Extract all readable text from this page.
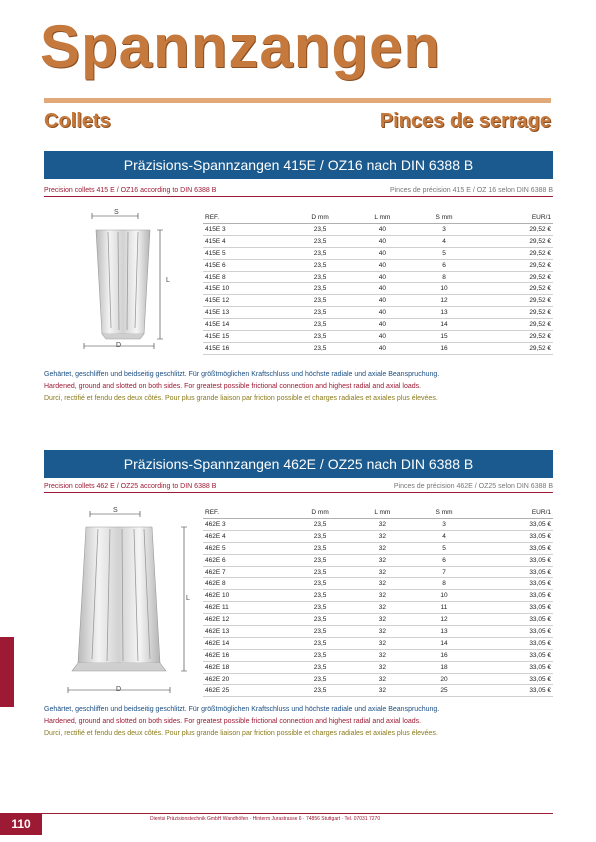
Spannzangen
Collets	Pinces de serrage
Präzisions-Spannzangen 415E / OZ16 nach DIN 6388 B
Precision collets 415 E / OZ16 according to DIN 6388 B	Pinces de précision 415 E / OZ 16 selon DIN 6388 B
S
L
D
REF.	D mm	L mm	S mm	EUR/1
415E 3	23,5	40	3	29,52 €
415E 4	23,5	40	4	29,52 €
415E 5	23,5	40	5	29,52 €
415E 6	23,5	40	6	29,52 €
415E 8	23,5	40	8	29,52 €
415E 10	23,5	40	10	29,52 €
415E 12	23,5	40	12	29,52 €
415E 13	23,5	40	13	29,52 €
415E 14	23,5	40	14	29,52 €
415E 15	23,5	40	15	29,52 €
415E 16	23,5	40	16	29,52 €
Gehärtet, geschliffen und beidseitig geschlitzt. Für größtmöglichen Kraftschluss und höchste radiale und axiale Beanspruchung.
Hardened, ground and slotted on both sides. For greatest possible frictional connection and highest radial and axial loads.
Durci, rectifié et fendu des deux côtés. Pour plus grande liaison par friction possible et charges radiales et axiales plus élevées.
Präzisions-Spannzangen 462E / OZ25 nach DIN 6388 B
Precision collets 462 E / OZ25 according to DIN 6388 B	Pinces de précision 462E / OZ25 selon DIN 6388 B
S
L
D
REF.	D mm	L mm	S mm	EUR/1
462E 3	23,5	32	3	33,05 €
462E 4	23,5	32	4	33,05 €
462E 5	23,5	32	5	33,05 €
462E 6	23,5	32	6	33,05 €
462E 7	23,5	32	7	33,05 €
462E 8	23,5	32	8	33,05 €
462E 10	23,5	32	10	33,05 €
462E 11	23,5	32	11	33,05 €
462E 12	23,5	32	12	33,05 €
462E 13	23,5	32	13	33,05 €
462E 14	23,5	32	14	33,05 €
462E 16	23,5	32	16	33,05 €
462E 18	23,5	32	18	33,05 €
462E 20	23,5	32	20	33,05 €
462E 25	23,5	32	25	33,05 €
Gehärtet, geschliffen und beidseitig geschlitzt. Für größtmöglichen Kraftschluss und höchste radiale und axiale Beanspruchung.
Hardened, ground and slotted on both sides. For greatest possible frictional connection and highest radial and axial loads.
Durci, rectifié et fendu des deux côtés. Pour plus grande liaison par friction possible et charges radiales et axiales plus élevées.
110	Dientsi Präzisionstechnik GmbH Wandhöfen · Hinterm Jurastrasse 6 · 74856 Stuttgart · Tel. 07031 7270
